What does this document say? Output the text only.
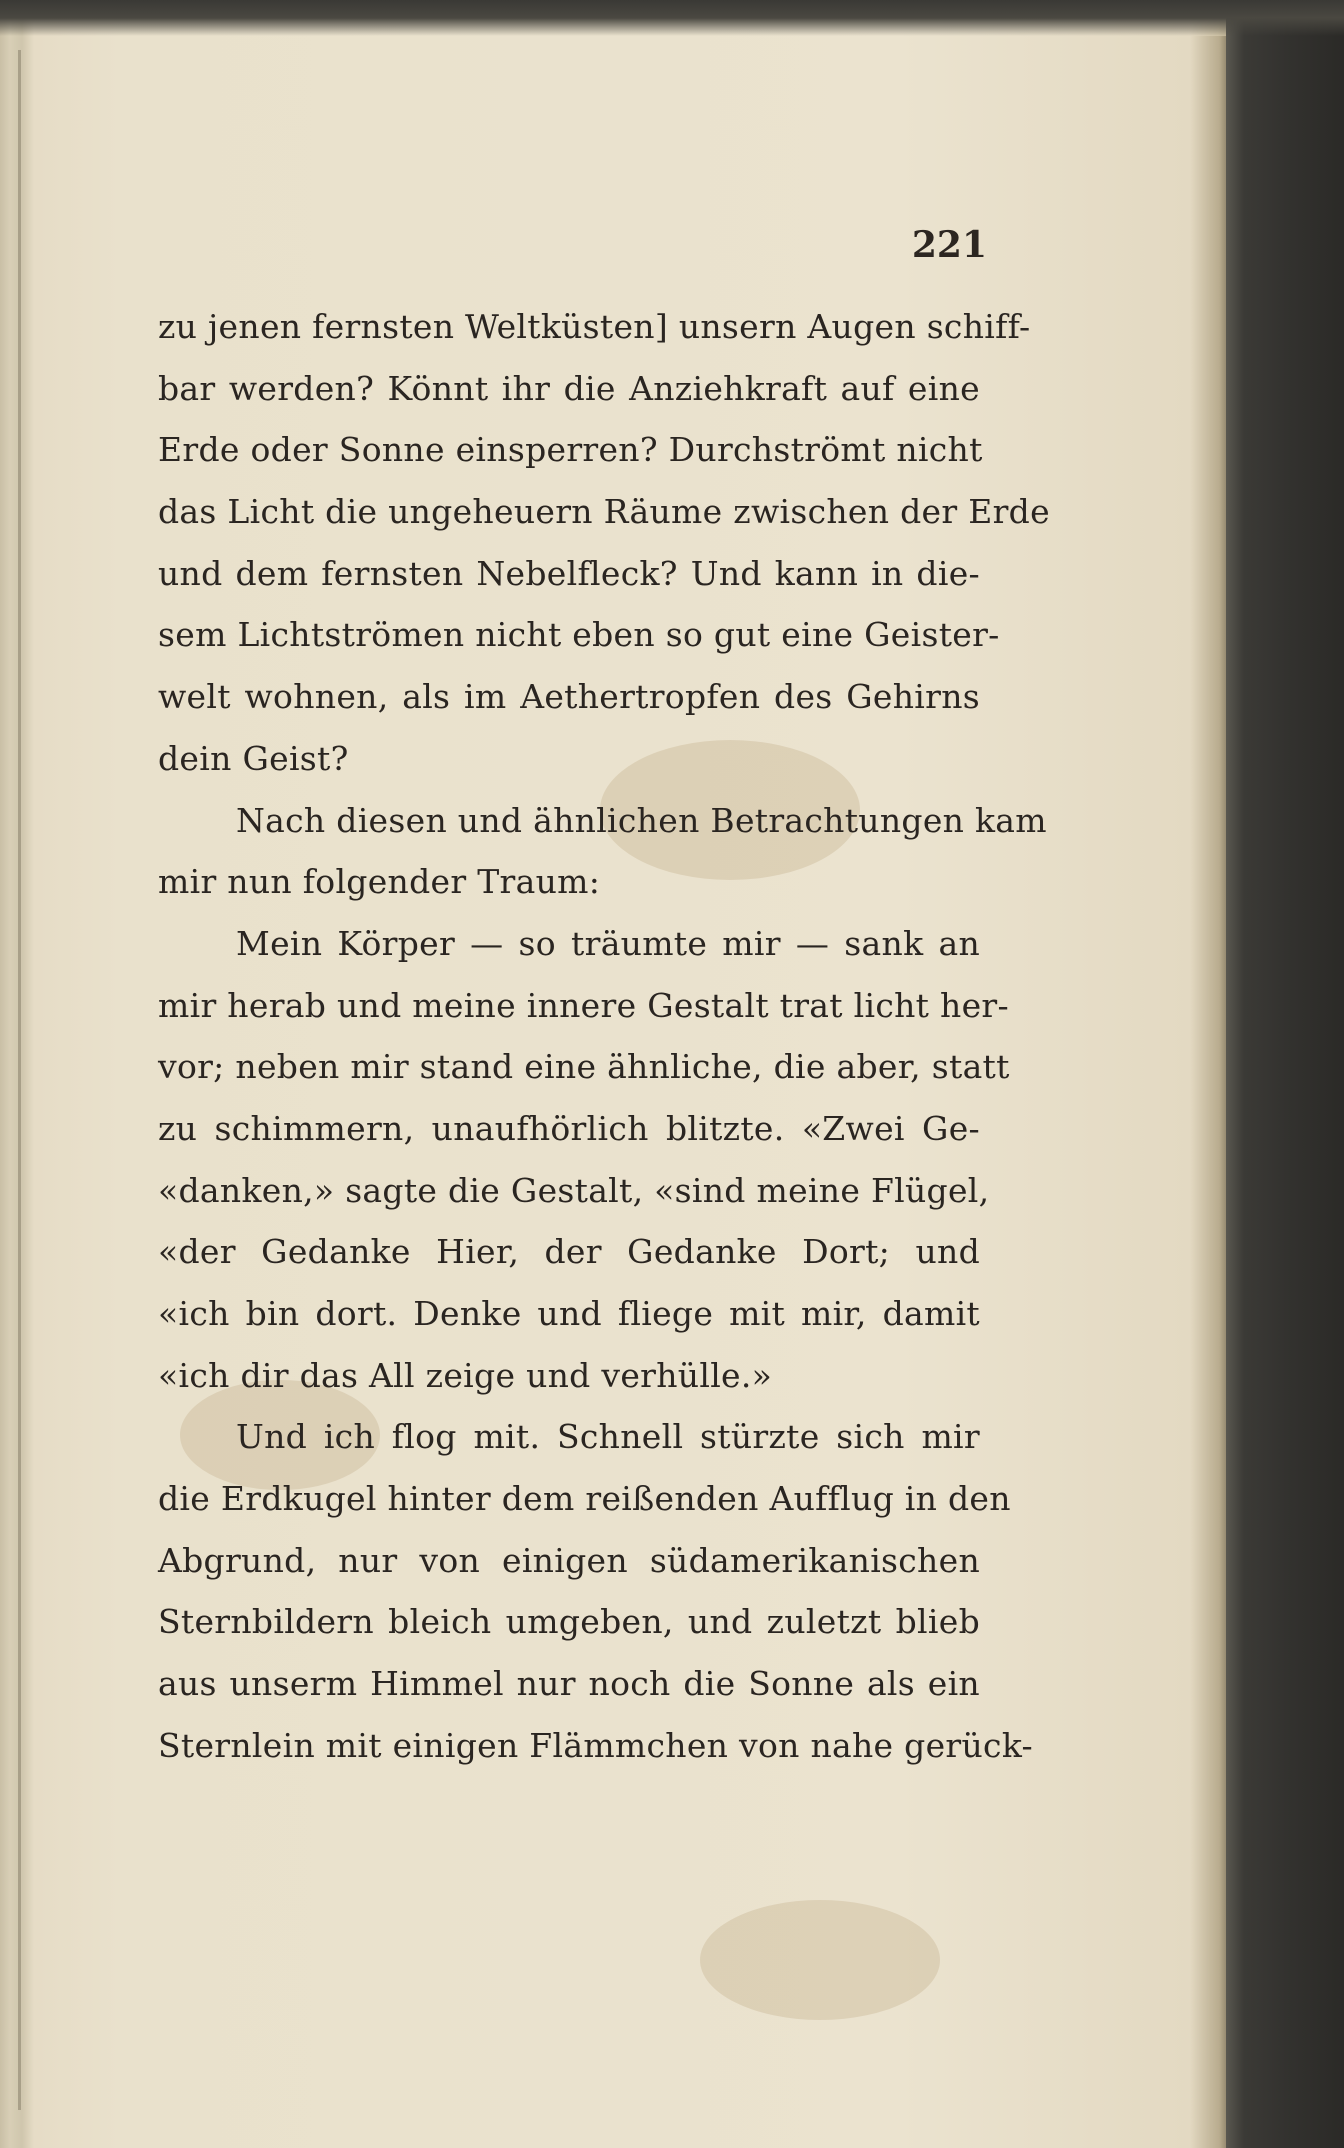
221
zu jenen fernsten Weltküsten] unsern Augen schiff-
bar werden? Könnt ihr die Anziehkraft auf eine
Erde oder Sonne einsperren? Durchströmt nicht
das Licht die ungeheuern Räume zwischen der Erde
und dem fernsten Nebelfleck? Und kann in die-
sem Lichtströmen nicht eben so gut eine Geister-
welt wohnen, als im Aethertropfen des Gehirns
dein Geist?
Nach diesen und ähnlichen Betrachtungen kam
mir nun folgender Traum:
Mein Körper — so träumte mir — sank an
mir herab und meine innere Gestalt trat licht her-
vor; neben mir stand eine ähnliche, die aber, statt
zu schimmern, unaufhörlich blitzte. «Zwei Ge-
«danken,» sagte die Gestalt, «sind meine Flügel,
«der Gedanke Hier, der Gedanke Dort; und
«ich bin dort. Denke und fliege mit mir, damit
«ich dir das All zeige und verhülle.»
Und ich flog mit. Schnell stürzte sich mir
die Erdkugel hinter dem reißenden Aufflug in den
Abgrund, nur von einigen südamerikanischen
Sternbildern bleich umgeben, und zuletzt blieb
aus unserm Himmel nur noch die Sonne als ein
Sternlein mit einigen Flämmchen von nahe gerück-
